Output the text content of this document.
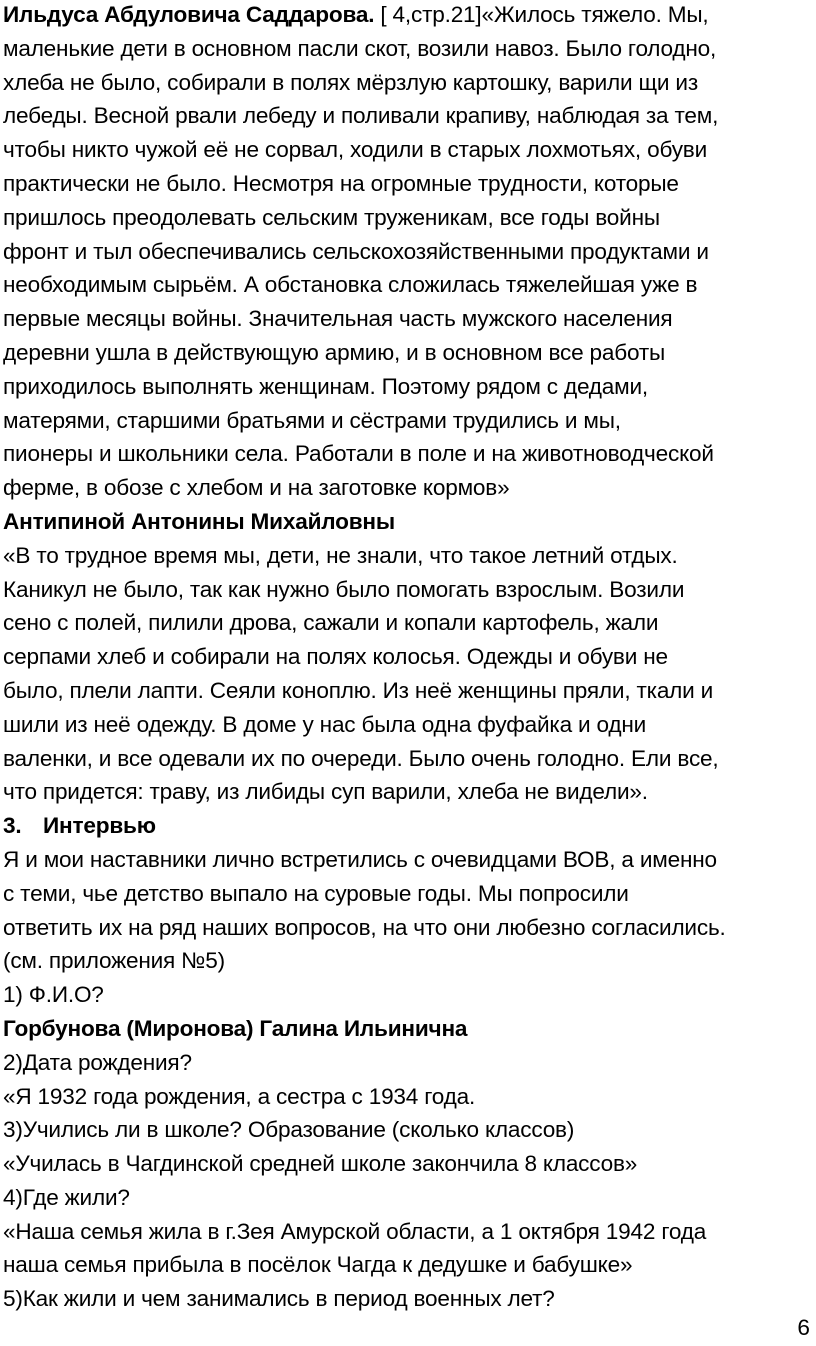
Ильдуса Абдуловича Саддарова. [ 4,стр.21]«Жилось тяжело. Мы,
маленькие дети в основном пасли скот, возили навоз. Было голодно,
хлеба не было, собирали в полях мёрзлую картошку, варили щи из
лебеды. Весной рвали лебеду и поливали крапиву, наблюдая за тем,
чтобы никто чужой её не сорвал, ходили в старых лохмотьях, обуви
практически не было. Несмотря на огромные трудности, которые
пришлось преодолевать сельским труженикам, все годы войны
фронт и тыл обеспечивались сельскохозяйственными продуктами и
необходимым сырьём. А обстановка сложилась тяжелейшая уже в
первые месяцы войны. Значительная часть мужского населения
деревни ушла в действующую армию, и в основном все работы
приходилось выполнять женщинам. Поэтому рядом с дедами,
матерями, старшими братьями и сёстрами трудились и мы,
пионеры и школьники села. Работали в поле и на животноводческой
ферме, в обозе с хлебом и на заготовке кормов»
Антипиной Антонины Михайловны
«В то трудное время мы, дети, не знали, что такое летний отдых.
Каникул не было, так как нужно было помогать взрослым. Возили
сено с полей, пилили дрова, сажали и копали картофель, жали
серпами хлеб и собирали на полях колосья. Одежды и обуви не
было, плели лапти. Сеяли коноплю. Из неё женщины пряли, ткали и
шили из неё одежду. В доме у нас была одна фуфайка и одни
валенки, и все одевали их по очереди. Было очень голодно. Ели все,
что придется: траву, из либиды суп варили, хлеба не видели».
3. Интервью
Я и мои наставники лично встретились с очевидцами ВОВ, а именно
с теми, чье детство выпало на суровые годы. Мы попросили
ответить их на ряд наших вопросов, на что они любезно согласились.
(см. приложения №5)
1) Ф.И.О?
Горбунова (Миронова) Галина Ильинична
2)Дата рождения?
«Я 1932 года рождения, а сестра с 1934 года.
3)Учились ли в школе? Образование (сколько классов)
«Училась в Чагдинской средней школе закончила 8 классов»
4)Где жили?
«Наша семья жила в г.Зея Амурской области, а 1 октября 1942 года
наша семья прибыла в посёлок Чагда к дедушке и бабушке»
5)Как жили и чем занимались в период военных лет?
6
